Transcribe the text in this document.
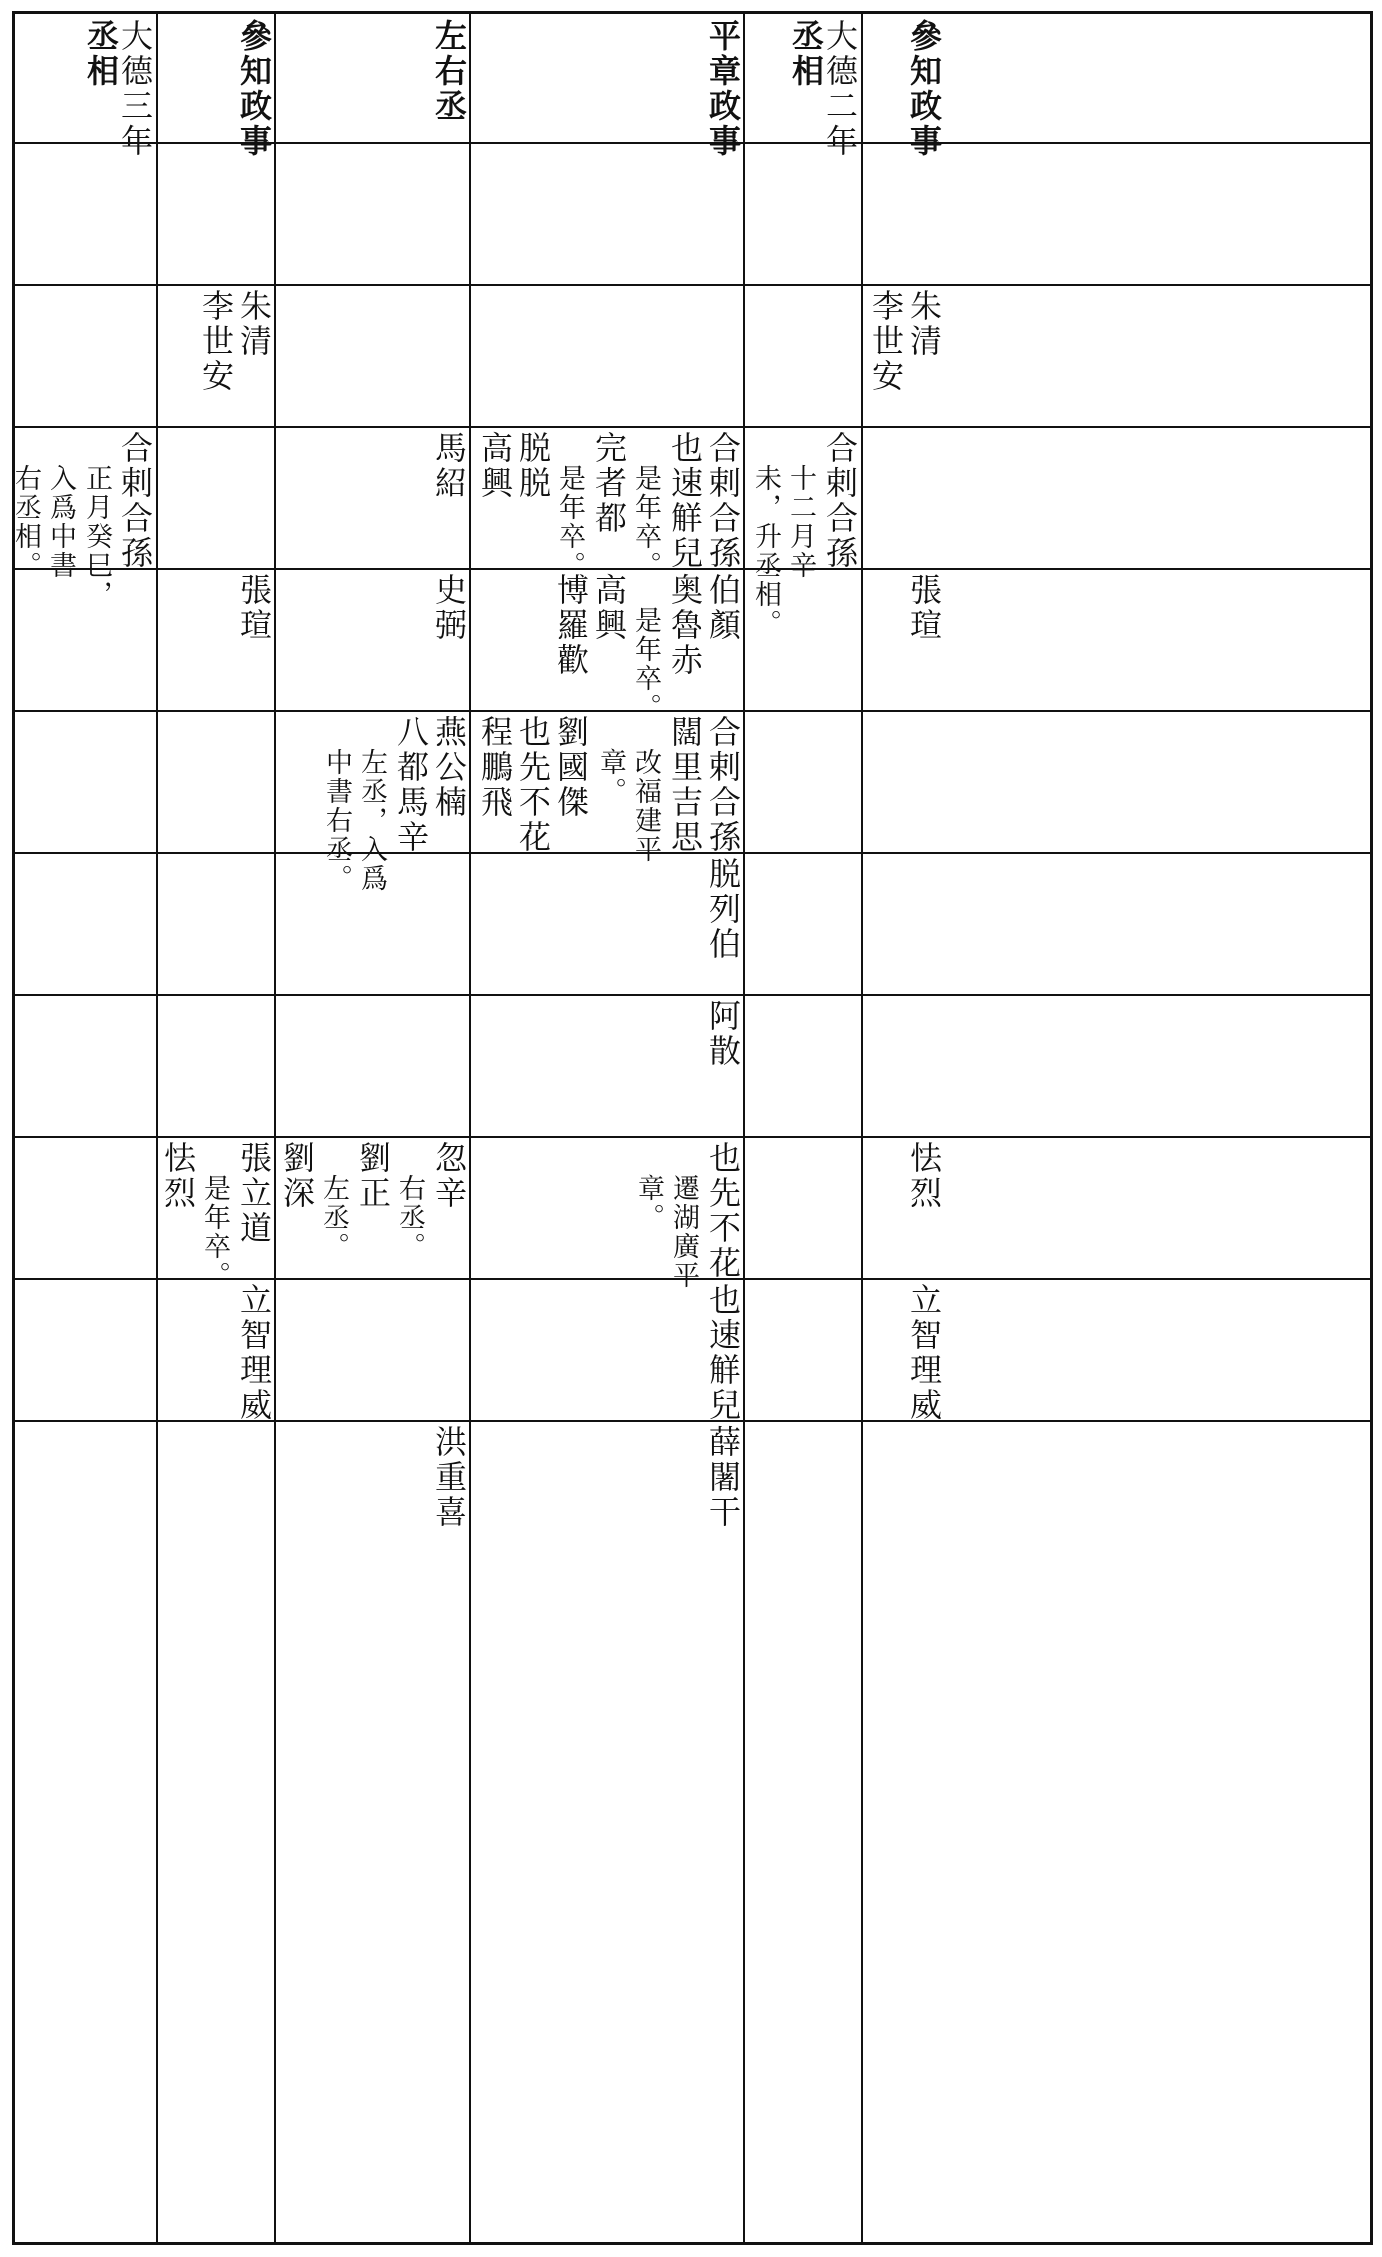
參知政事
大德二年
丞相
平章政事
左右丞
參知政事
大德三年
丞相
朱清
李世安
朱清
李世安
合剌合孫
十二月辛
未，升丞相。
合剌合孫
也速觧兒
是年卒。
完者都
是年卒。
脱脱
高興
馬紹
合剌合孫
正月癸巳，
入爲中書
右丞相。
張瑄
伯顏
奥魯赤
是年卒。
高興
博羅歡
史弼
張瑄
合剌合孫
闊里吉思
改福建平
章。
劉國傑
也先不花
程鵬飛
燕公楠
八都馬辛
左丞，入爲
中書右丞。
脱列伯
阿散
怯烈
也先不花
遷湖廣平
章。
忽辛
右丞。
劉正
左丞。
劉深
張立道
是年卒。
怯烈
立智理威
也速觧兒
立智理威
薛闍干
洪重喜
